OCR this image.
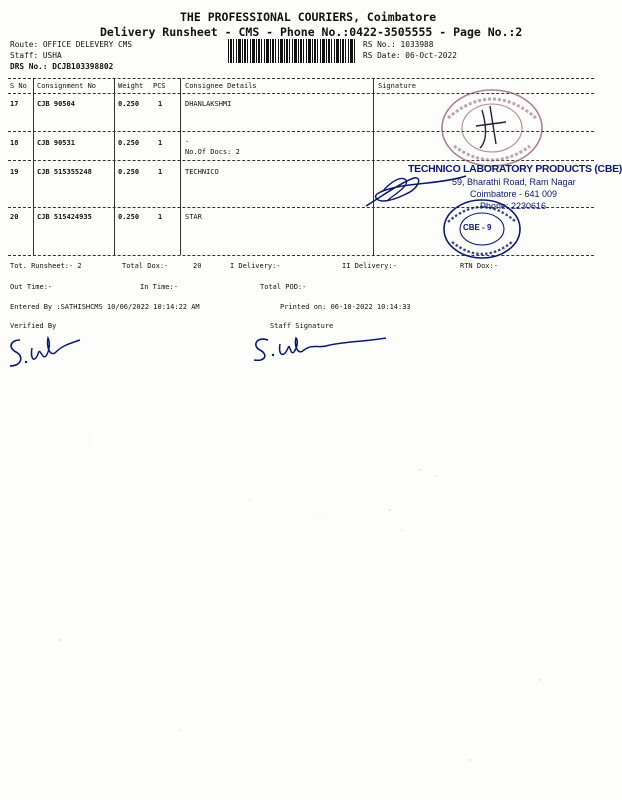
THE PROFESSIONAL COURIERS, Coimbatore
Delivery Runsheet - CMS - Phone No.:0422-3505555 - Page No.:2
Route: OFFICE DELEVERY CMS
Staff: USHA
DRS No.: DCJB103398802
RS No.: 1033988
RS Date: 06-Oct-2022
S No Consignment No	Weight PCS	Consignee Details	Signature
17	CJB 90504	0.250	1	DHANLAKSHMI
18	CJB 90531	0.250	1	.
No.Of Docs: 2
19	CJB 515355248	0.250	1	TECHNICO
20	CJB 515424935	0.250	1	STAR
TECHNICO LABORATORY PRODUCTS (CBE)
59, Bharathi Road, Ram Nagar
Coimbatore - 641 009
Phone: 2230616
CBE - 9
Tot. Runsheet:- 2	Total Dox:-	20	I Delivery:-	II Delivery:-	RTN Dox:-
Out Time:-	In Time:-	Total POD:-
Entered By :SATHISHCMS 10/06/2022 10:14:22 AM	Printed on: 06-10-2022 10:14:33
Verified By	Staff Signature
